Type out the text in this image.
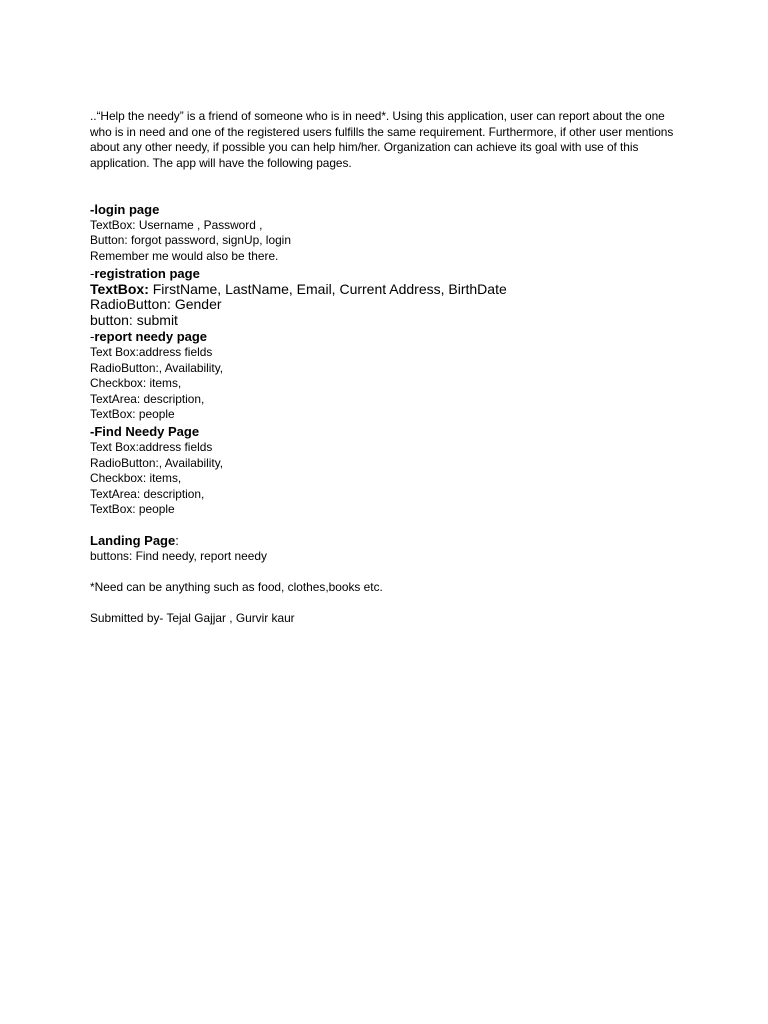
..“Help the needy” is a friend of someone who is in need*. Using this application, user can report about the one who is in need and one of the registered users fulfills the same requirement. Furthermore, if other user mentions about any other needy, if possible you can help him/her. Organization can achieve its goal with use of this application. The app will have the following pages.

-login page

TextBox: Username , Password ,

Button: forgot password, signUp, login

Remember me would also be there.

-registration page

TextBox: FirstName, LastName, Email, Current Address, BirthDate

RadioButton: Gender

button: submit

-report needy page

Text Box:address fields

RadioButton:, Availability,

Checkbox: items,

TextArea: description,

TextBox: people

-Find Needy Page

Text Box:address fields

RadioButton:, Availability,

Checkbox: items,

TextArea: description,

TextBox: people

Landing Page:

buttons: Find needy, report needy

*Need can be anything such as food, clothes,books etc.

Submitted by- Tejal Gajjar , Gurvir kaur
